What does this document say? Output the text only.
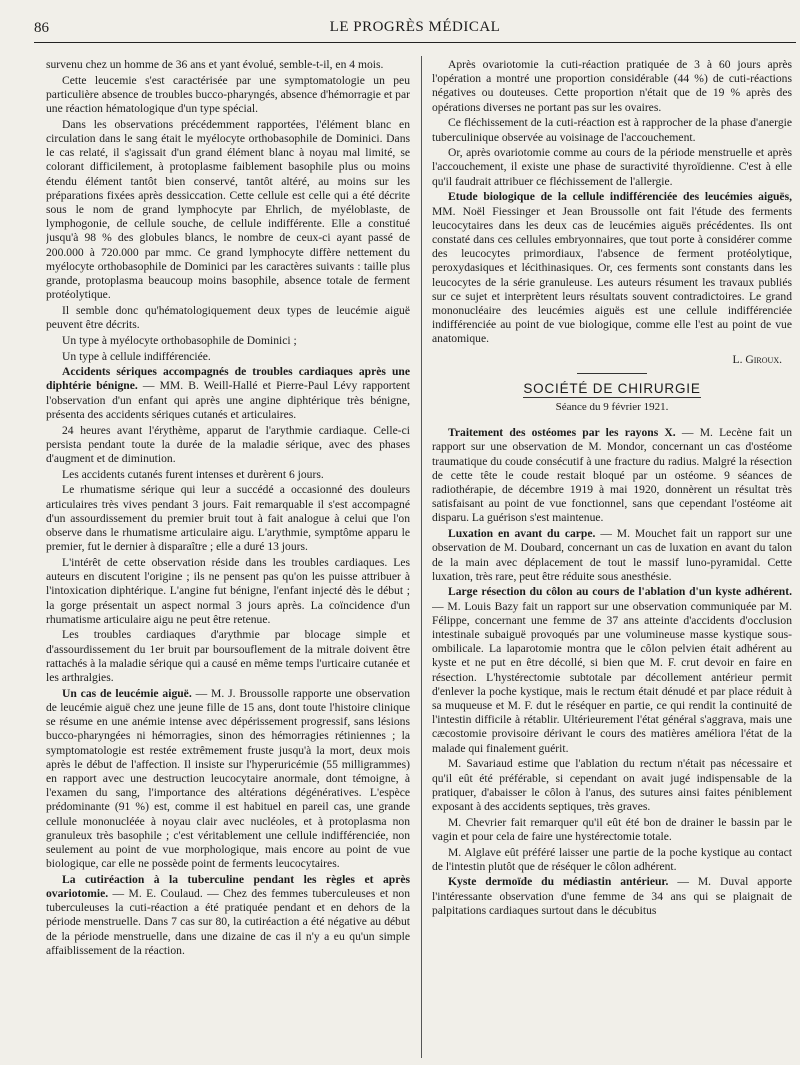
86	LE PROGRÈS MÉDICAL

survenu chez un homme de 36 ans et yant évolué, semble-t-il, en 4 mois.

Cette leucemie s'est caractérisée par une symptomatologie un peu particulière absence de troubles bucco-pharyngés, absence d'hémorragie et par une réaction hématologique d'un type spécial.

Dans les observations précédemment rapportées, l'élément blanc en circulation dans le sang était le myélocyte orthobasophile de Dominici. Dans le cas relaté, il s'agissait d'un grand élément blanc à noyau mal limité, se colorant difficilement, à protoplasme faiblement basophile plus ou moins étendu élément tantôt bien conservé, tantôt altéré, au moins sur les préparations fixées après dessiccation. Cette cellule est celle qui a été décrite sous le nom de grand lymphocyte par Ehrlich, de myéloblaste, de lymphogonie, de cellule souche, de cellule indifférente. Elle a constitué jusqu'à 98 % des globules blancs, le nombre de ceux-ci ayant passé de 200.000 à 720.000 par mmc. Ce grand lymphocyte diffère nettement du myélocyte orthobasophile de Dominici par les caractères suivants : taille plus grande, protoplasma beaucoup moins basophile, absence totale de ferment protéolytique.

Il semble donc qu'hématologiquement deux types de leucémie aiguë peuvent être décrits.

Un type à myélocyte orthobasophile de Dominici ;

Un type à cellule indifférenciée.

Accidents sériques accompagnés de troubles cardiaques après une diphtérie bénigne. — MM. B. Weill-Hallé et Pierre-Paul Lévy rapportent l'observation d'un enfant qui après une angine diphtérique très bénigne, présenta des accidents sériques cutanés et articulaires.

24 heures avant l'érythème, apparut de l'arythmie cardiaque. Celle-ci persista pendant toute la durée de la maladie sérique, avec des phases d'augment et de diminution.

Les accidents cutanés furent intenses et durèrent 6 jours.

Le rhumatisme sérique qui leur a succédé a occasionné des douleurs articulaires très vives pendant 3 jours. Fait remarquable il s'est accompagné d'un assourdissement du premier bruit tout à fait analogue à celui que l'on observe dans le rhumatisme articulaire aigu. L'arythmie, symptôme apparu le premier, fut le dernier à disparaître ; elle a duré 13 jours.

L'intérêt de cette observation réside dans les troubles cardiaques. Les auteurs en discutent l'origine ; ils ne pensent pas qu'on les puisse attribuer à l'intoxication diphtérique. L'angine fut bénigne, l'enfant injecté dès le début ; la gorge présentait un aspect normal 3 jours après. La coïncidence d'un rhumatisme articulaire aigu ne peut être retenue.

Les troubles cardiaques d'arythmie par blocage simple et d'assourdissement du 1er bruit par boursouflement de la mitrale doivent être rattachés à la maladie sérique qui a causé en même temps l'urticaire cutanée et les arthralgies.

Un cas de leucémie aiguë. — M. J. Broussolle rapporte une observation de leucémie aiguë chez une jeune fille de 15 ans, dont toute l'histoire clinique se résume en une anémie intense avec dépérissement progressif, sans lésions bucco-pharyngées ni hémorragies, sinon des hémorragies rétiniennes ; la symptomatologie est restée extrêmement fruste jusqu'à la mort, deux mois après le début de l'affection. Il insiste sur l'hyperuricémie (55 milligrammes) en rapport avec une destruction leucocytaire anormale, dont témoigne, à l'examen du sang, l'importance des altérations dégénératives. L'espèce prédominante (91 %) est, comme il est habituel en pareil cas, une grande cellule mononucléée à noyau clair avec nucléoles, et à protoplasma non granuleux très basophile ; c'est véritablement une cellule indifférenciée, non seulement au point de vue morphologique, mais encore au point de vue biologique, car elle ne possède point de ferments leucocytaires.

La cutiréaction à la tuberculine pendant les règles et après ovariotomie. — M. E. Coulaud. — Chez des femmes tuberculeuses et non tuberculeuses la cuti-réaction a été pratiquée pendant et en dehors de la période menstruelle. Dans 7 cas sur 80, la cutiréaction a été négative au début de la période menstruelle, dans une dizaine de cas il n'y a eu qu'un simple affaiblissement de la réaction.

Après ovariotomie la cuti-réaction pratiquée de 3 à 60 jours après l'opération a montré une proportion considérable (44 %) de cuti-réactions négatives ou douteuses. Cette proportion n'était que de 19 % après des opérations diverses ne portant pas sur les ovaires.

Ce fléchissement de la cuti-réaction est à rapprocher de la phase d'anergie tuberculinique observée au voisinage de l'accouchement.

Or, après ovariotomie comme au cours de la période menstruelle et après l'accouchement, il existe une phase de suractivité thyroïdienne. C'est à elle qu'il faudrait attribuer ce fléchissement de l'allergie.

Etude biologique de la cellule indifférenciée des leucémies aiguës, MM. Noël Fiessinger et Jean Broussolle ont fait l'étude des ferments leucocytaires dans les deux cas de leucémies aiguës précédentes. Ils ont constaté dans ces cellules embryonnaires, que tout porte à considérer comme des leucocytes primordiaux, l'absence de ferment protéolytique, peroxydasiques et lécithinasiques. Or, ces ferments sont constants dans les leucocytes de la série granuleuse. Les auteurs résument les travaux publiés sur ce sujet et interprètent leurs résultats souvent contradictoires. Le grand mononucléaire des leucémies aiguës est une cellule indifférenciée indifférenciée au point de vue biologique, comme elle l'est au point de vue anatomique.

L. Giroux.
SOCIÉTÉ DE CHIRURGIE
Séance du 9 février 1921.

Traitement des ostéomes par les rayons X. — M. Lecène fait un rapport sur une observation de M. Mondor, concernant un cas d'ostéome traumatique du coude consécutif à une fracture du radius. Malgré la résection de cette tête le coude restait bloqué par un ostéome. 9 séances de radiothérapie, de décembre 1919 à mai 1920, donnèrent un résultat très satisfaisant au point de vue fonctionnel, sans que cependant l'ostéome ait disparu. La guérison s'est maintenue.

Luxation en avant du carpe. — M. Mouchet fait un rapport sur une observation de M. Doubard, concernant un cas de luxation en avant du talon de la main avec déplacement de tout le massif luno-pyramidal. Cette luxation, très rare, peut être réduite sous anesthésie.

Large résection du côlon au cours de l'ablation d'un kyste adhérent. — M. Louis Bazy fait un rapport sur une observation communiquée par M. Félippe, concernant une femme de 37 ans atteinte d'accidents d'occlusion intestinale subaiguë provoqués par une volumineuse masse kystique sous-ombilicale. La laparotomie montra que le côlon pelvien était adhérent au kyste et ne put en être décollé, si bien que M. F. crut devoir en faire en résection. L'hystérectomie subtotale par décollement antérieur permit d'enlever la poche kystique, mais le rectum était dénudé et par place réduit à sa muqueuse et M. F. dut le réséquer en partie, ce qui rendit la continuité de l'intestin difficile à rétablir. Ultérieurement l'état général s'aggrava, mais une cæcostomie provisoire dérivant le cours des matières améliora l'état de la malade qui finalement guérit.

M. Savariaud estime que l'ablation du rectum n'était pas nécessaire et qu'il eût été préférable, si cependant on avait jugé indispensable de la pratiquer, d'abaisser le côlon à l'anus, des sutures ainsi faites péniblement exposant à des accidents septiques, très graves.

M. Chevrier fait remarquer qu'il eût été bon de drainer le bassin par le vagin et pour cela de faire une hystérectomie totale.

M. Alglave eût préféré laisser une partie de la poche kystique au contact de l'intestin plutôt que de réséquer le côlon adhérent.

Kyste dermoïde du médiastin antérieur. — M. Duval apporte l'intéressante observation d'une femme de 34 ans qui se plaignait de palpitations cardiaques surtout dans le décubitus
